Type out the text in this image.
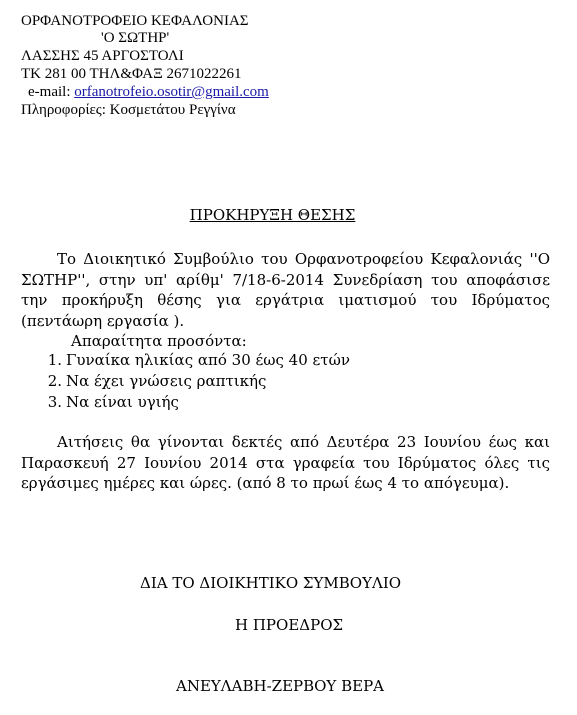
ΟΡΦΑΝΟΤΡΟΦΕΙΟ ΚΕΦΑΛΟΝΙΑΣ
'Ο ΣΩΤΗΡ'
ΛΑΣΣΗΣ 45 ΑΡΓΟΣΤΟΛΙ
ΤΚ 281 00 ΤΗΛ&ΦΑΞ 2671022261
e-mail: orfanotrofeio.osotir@gmail.com
Πληροφορίες: Κοσμετάτου Ρεγγίνα
ΠΡΟΚΗΡΥΞΗ ΘΕΣΗΣ
Το Διοικητικό Συμβούλιο του Ορφανοτροφείου Κεφαλονιάς ''Ο ΣΩΤΗΡ'', στην υπ' αρίθμ' 7/18-6-2014 Συνεδρίαση του αποφάσισε την προκήρυξη θέσης για εργάτρια ιματισμού του Ιδρύματος (πεντάωρη εργασία ).
Απαραίτητα προσόντα:
1. Γυναίκα ηλικίας από 30 έως 40 ετών
2. Να έχει γνώσεις ραπτικής
3. Να είναι υγιής
Αιτήσεις θα γίνονται δεκτές από Δευτέρα 23 Ιουνίου έως και Παρασκευή 27 Ιουνίου 2014 στα γραφεία του Ιδρύματος όλες τις εργάσιμες ημέρες και ώρες. (από 8 το πρωί έως 4 το απόγευμα).
ΔΙΑ ΤΟ ΔΙΟΙΚΗΤΙΚΟ ΣΥΜΒΟΥΛΙΟ
Η ΠΡΟΕΔΡΟΣ
ΑΝΕΥΛΑΒΗ-ΖΕΡΒΟΥ ΒΕΡΑ
